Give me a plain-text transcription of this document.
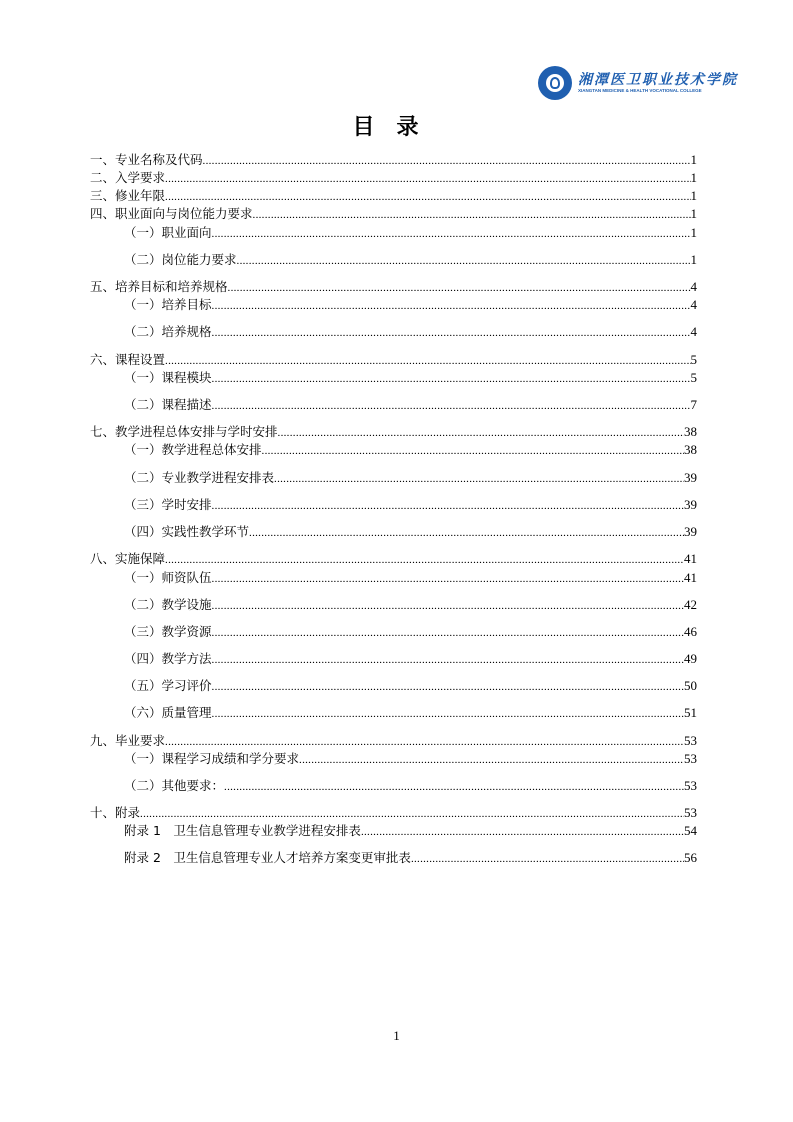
湘潭医卫职业技术学院
XIANGTAN MEDICINE & HEALTH VOCATIONAL COLLEGE
目录
一、专业名称及代码 .....	1
二、入学要求 .....	1
三、修业年限 .....	1
四、职业面向与岗位能力要求 .....	1
（一）职业面向 .....	1
（二）岗位能力要求 .....	1
五、培养目标和培养规格 .....	4
（一）培养目标 .....	4
（二）培养规格 .....	4
六、课程设置 .....	5
（一）课程模块 .....	5
（二）课程描述 .....	7
七、教学进程总体安排与学时安排 .....	38
（一）教学进程总体安排 .....	38
（二）专业教学进程安排表 .....	39
（三）学时安排 .....	39
（四）实践性教学环节 .....	39
八、实施保障 .....	41
（一）师资队伍 .....	41
（二）教学设施 .....	42
（三）教学资源 .....	46
（四）教学方法 .....	49
（五）学习评价 .....	50
（六）质量管理 .....	51
九、毕业要求 .....	53
（一）课程学习成绩和学分要求 .....	53
（二）其他要求： .....	53
十、附录 .....	53
附录 1　卫生信息管理专业教学进程安排表 .....	54
附录 2　卫生信息管理专业人才培养方案变更审批表 .....	56
1
